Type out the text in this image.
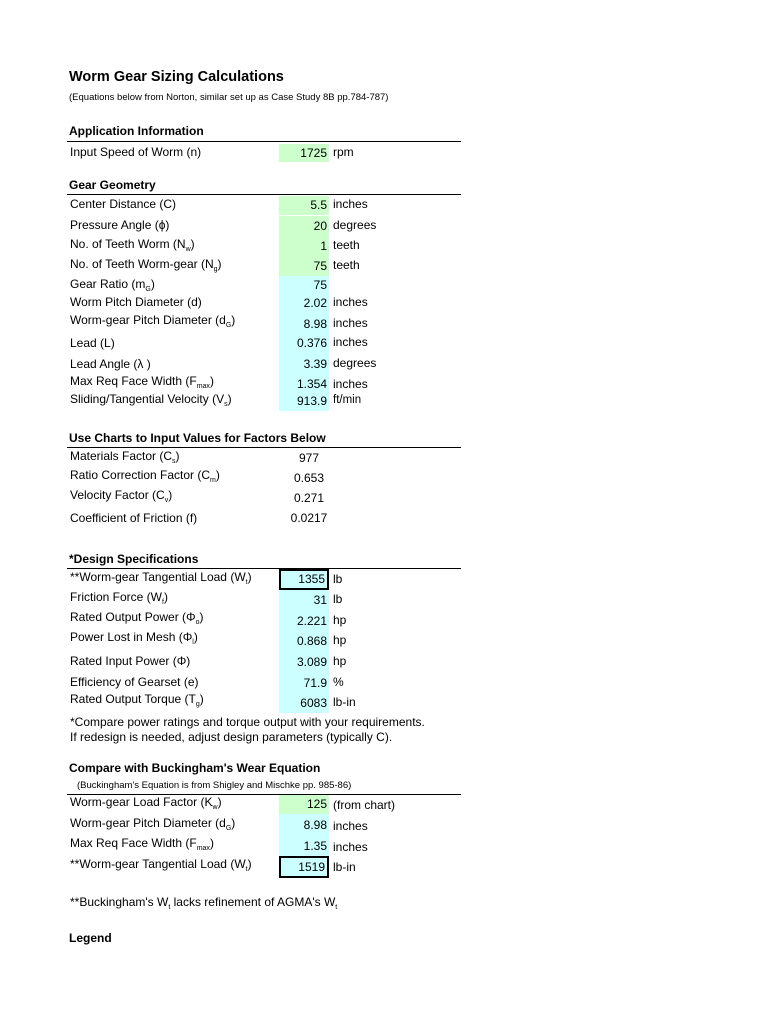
Worm Gear Sizing Calculations
(Equations below from Norton, similar set up as Case Study 8B pp.784-787)
Application Information
Input Speed of Worm (n)	1725 rpm
Gear Geometry
Center Distance (C)	5.5 inches
Pressure Angle (ϕ)	20 degrees
No. of Teeth Worm $(N_w)$	1 teeth
No. of Teeth Worm-gear $(N_g)$	75 teeth
Gear Ratio $(m_G)$	75
Worm Pitch Diameter (d)	2.02 inches
Worm-gear Pitch Diameter $(d_G)$	8.98 inches
Lead (L)	0.376 inches
Lead Angle (λ )	3.39 degrees
Max Req Face Width $(F_{max})$	1.354 inches
Sliding/Tangential Velocity $(V_s)$	913.9 ft/min
Use Charts to Input Values for Factors Below
Materials Factor $(C_s)$	977
Ratio Correction Factor $(C_m)$	0.653
Velocity Factor $(C_v)$	0.271
Coefficient of Friction (f)	0.0217
*Design Specifications
**Worm-gear Tangential Load $(W_t)$	1355 lb
Friction Force $(W_f)$	31 lb
Rated Output Power $(\Phi_o)$	2.221 hp
Power Lost in Mesh $(\Phi_l)$	0.868 hp
Rated Input Power (Φ)	3.089 hp
Efficiency of Gearset (e)	71.9 %
Rated Output Torque $(T_g)$	6083 lb-in
*Compare power ratings and torque output with your requirements.
If redesign is needed, adjust design parameters (typically C).
Compare with Buckingham's Wear Equation
(Buckingham's Equation is from Shigley and Mischke pp. 985-86)
Worm-gear Load Factor $(K_w)$	125 (from chart)
Worm-gear Pitch Diameter $(d_G)$	8.98 inches
Max Req Face Width $(F_{max})$	1.35 inches
**Worm-gear Tangential Load $(W_t)$	1519 lb-in
**Buckingham's $W_t$ lacks refinement of AGMA's $W_t$
Legend
